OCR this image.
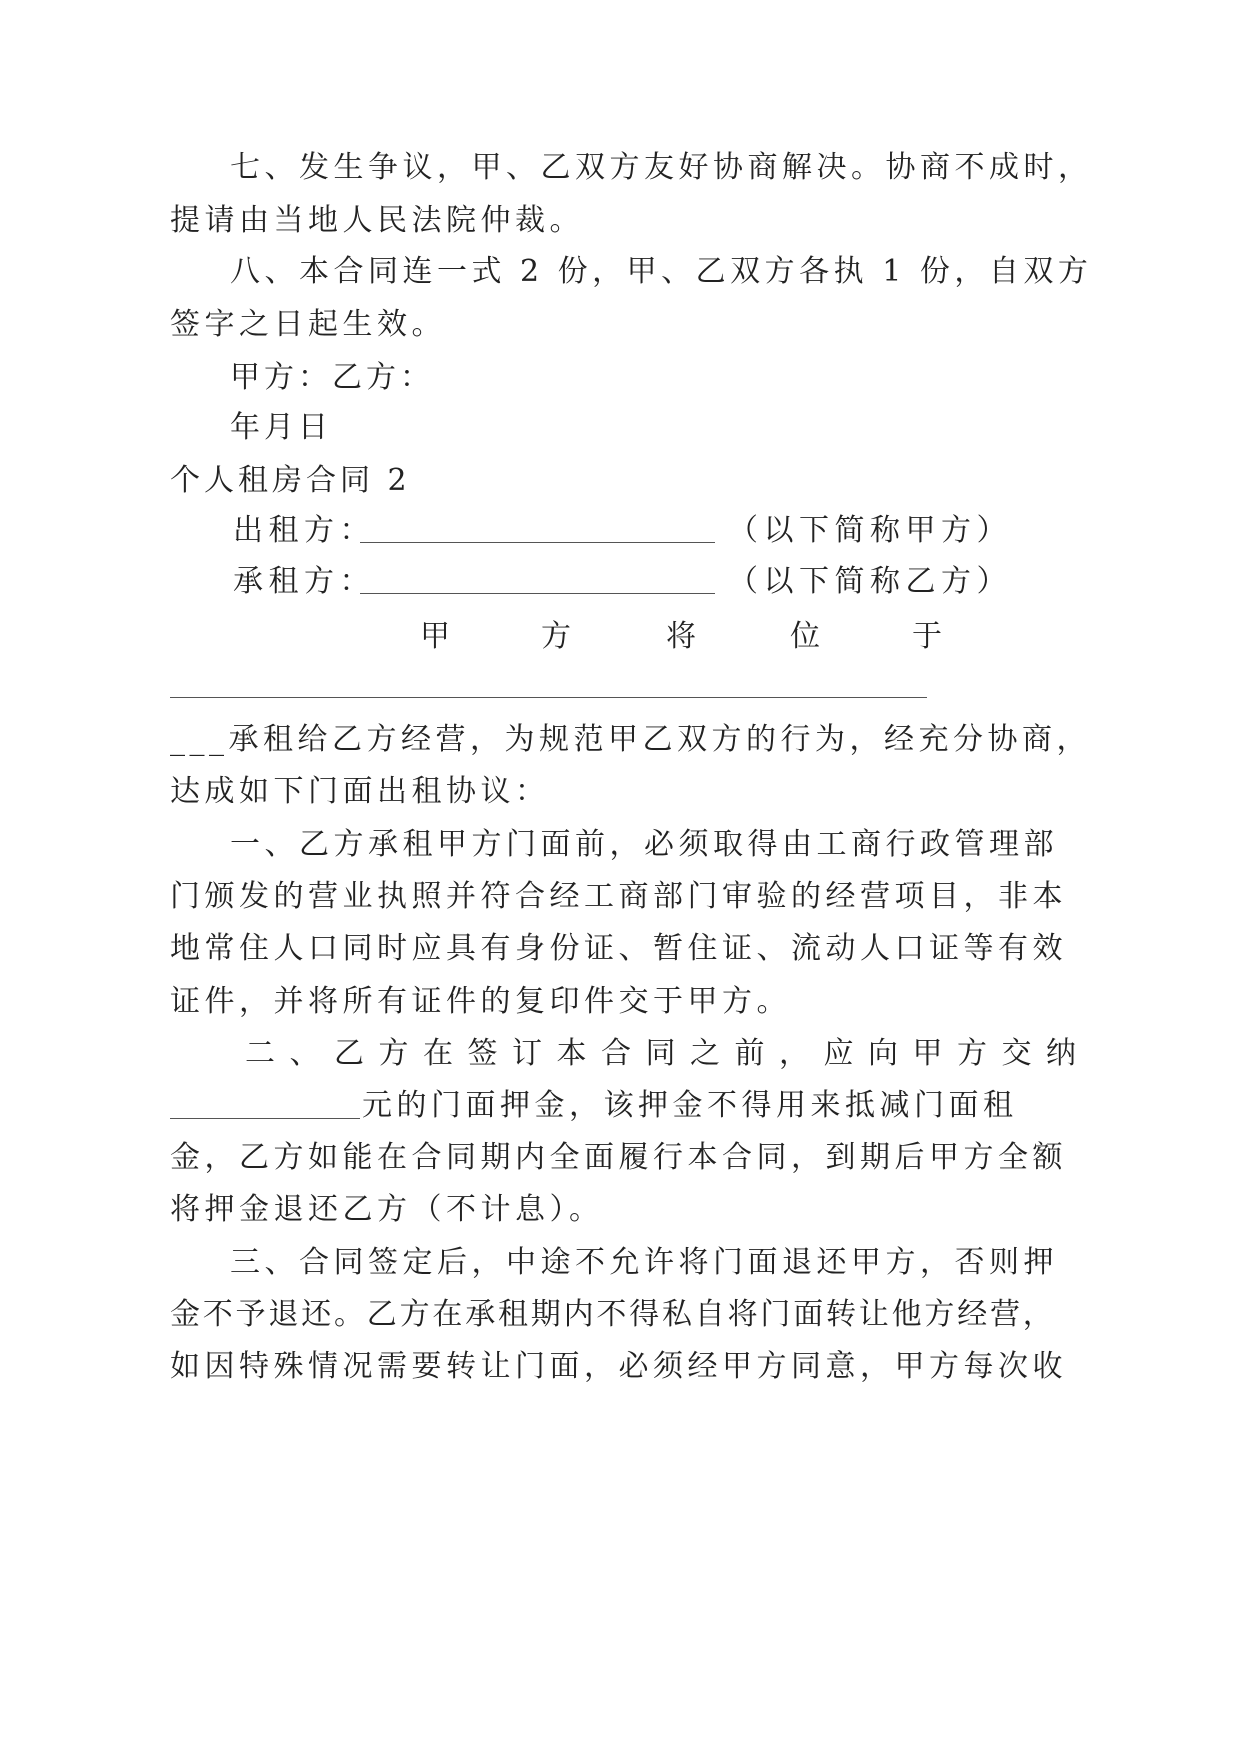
七、发生争议，甲、乙双方友好协商解决。协商不成时，
提请由当地人民法院仲裁。
八、本合同连一式 2 份，甲、乙双方各执 1 份，自双方
签字之日起生效。
甲方： 乙方：
年月日
个人租房合同 2
出租方：	（以下简称甲方）
承租方：	（以下简称乙方）
甲	方	将	位	于
___承租给乙方经营，为规范甲乙双方的行为，经充分协商，
达成如下门面出租协议：
一、乙方承租甲方门面前，必须取得由工商行政管理部
门颁发的营业执照并符合经工商部门审验的经营项目，非本
地常住人口同时应具有身份证、暂住证、流动人口证等有效
证件，并将所有证件的复印件交于甲方。
二、乙方在签订本合同之前，应向甲方交纳
元的门面押金，该押金不得用来抵减门面租
金，乙方如能在合同期内全面履行本合同，到期后甲方全额
将押金退还乙方（不计息）。
三、合同签定后，中途不允许将门面退还甲方，否则押
金不予退还。乙方在承租期内不得私自将门面转让他方经营，
如因特殊情况需要转让门面，必须经甲方同意，甲方每次收
